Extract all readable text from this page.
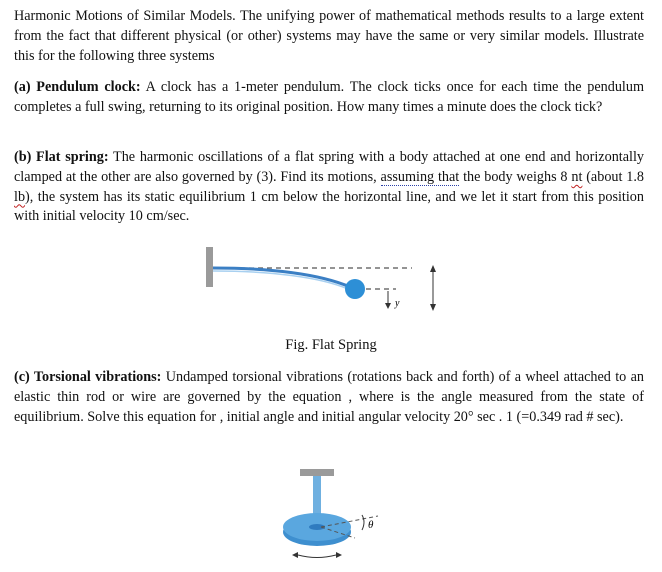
Harmonic Motions of Similar Models. The unifying power of mathematical methods results to a large extent from the fact that different physical (or other) systems may have the same or very similar models. Illustrate this for the following three systems

(a) Pendulum clock: A clock has a 1-meter pendulum. The clock ticks once for each time the pendulum completes a full swing, returning to its original position. How many times a minute does the clock tick?

(b) Flat spring: The harmonic oscillations of a flat spring with a body attached at one end and horizontally clamped at the other are also governed by (3). Find its motions, assuming that the body weighs 8 nt (about 1.8 lb), the system has its static equilibrium 1 cm below the horizontal line, and we let it start from this position with initial velocity 10 cm/sec.

y
θ
Fig. Flat Spring

(c) Torsional vibrations: Undamped torsional vibrations (rotations back and forth) of a wheel attached to an elastic thin rod or wire are governed by the equation , where is the angle measured from the state of equilibrium. Solve this equation for , initial angle and initial angular velocity 20° sec . 1 (=0.349 rad # sec).
